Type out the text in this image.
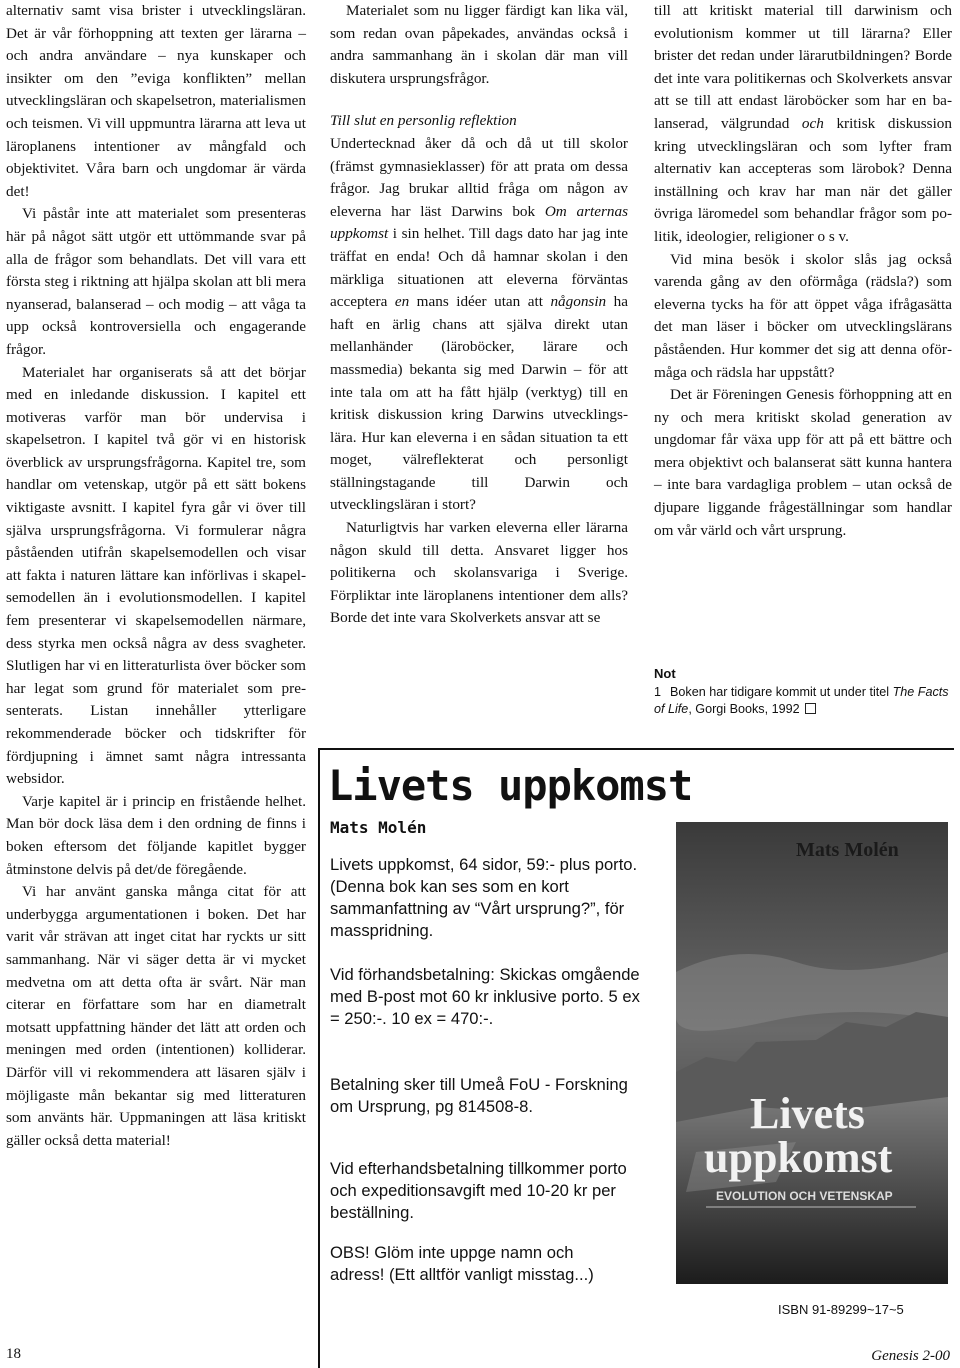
alternativ samt visa brister i utvecklingsläran. Det är vår förhoppning att texten ger lärarna – och andra användare – nya kunskaper och insikter om den ”eviga konflikten” mellan utvecklingsläran och skapelsetron, materialismen och teismen. Vi vill uppmuntra lärarna att leva ut läroplanens intentioner av mångfald och objektivitet. Våra barn och ungdomar är värda det!

Vi påstår inte att materialet som presenteras här på något sätt utgör ett uttömmande svar på alla de frågor som behandlats. Det vill vara ett första steg i riktning att hjälpa skolan att bli mera nyanserad, balanserad – och modig – att våga ta upp också kontroversiella och engagerande frågor.

Materialet har organiserats så att det börjar med en inledande diskussion. I kapitel ett motiveras varför man bör undervisa i skapelsetron. I kapitel två gör vi en historisk överblick av ursprungsfrågorna. Kapitel tre, som handlar om vetenskap, utgör på ett sätt bokens viktigaste avsnitt. I kapitel fyra går vi över till själva ursprungsfrågorna. Vi formulerar några påståenden utifrån skapelsemodellen och visar att fakta i naturen lättare kan införlivas i skapelsemodellen än i evolutionsmodellen. I kapitel fem presenterar vi skapelsemodellen närmare, dess styrka men också några av dess svagheter. Slutligen har vi en litteraturlista över böcker som har legat som grund för materialet som presenterats. Listan innehåller ytterligare rekommenderade böcker och tidskrifter för fördjupning i ämnet samt några intressanta websidor.

Varje kapitel är i princip en fristående helhet. Man bör dock läsa dem i den ordning de finns i boken eftersom det följande kapitlet bygger åtminstone delvis på det/de föregående.

Vi har använt ganska många citat för att underbygga argumentationen i boken. Det har varit vår strävan att inget citat har ryckts ur sitt sammanhang. När vi säger detta är vi mycket medvetna om att detta ofta är svårt. När man citerar en författare som har en diametralt motsatt uppfattning händer det lätt att orden och meningen med orden (intentionen) kolliderar. Därför vill vi rekommendera att läsaren själv i möjligaste mån bekantar sig med litteraturen som använts här. Uppmaningen att läsa kritiskt gäller också detta material!

Materialet som nu ligger färdigt kan lika väl, som redan ovan påpekades, användas också i andra sammanhang än i skolan där man vill diskutera ursprungsfrågor.

Till slut en personlig reflektion

Undertecknad åker då och då ut till skolor (främst gymnasieklasser) för att prata om dessa frågor. Jag brukar alltid fråga om någon av eleverna har läst Darwins bok Om arternas uppkomst i sin helhet. Till dags dato har jag inte träffat en enda! Och då hamnar skolan i den märkliga situationen att eleverna förväntas acceptera en mans idéer utan att någonsin ha haft en ärlig chans att själva direkt utan mellanhänder (läroböcker, lärare och massmedia) bekanta sig med Darwin – för att inte tala om att ha fått hjälp (verktyg) till en kritisk diskussion kring Darwins utvecklingslära. Hur kan eleverna i en sådan situation ta ett moget, välreflekterat och personligt ställningstagande till Darwin och utvecklingsläran i stort?

Naturligtvis har varken eleverna eller lärarna någon skuld till detta. Ansvaret ligger hos politikerna och skolansvariga i Sverige. Förpliktar inte läroplanens intentioner dem alls? Borde det inte vara Skolverkets ansvar att se

till att kritiskt material till darwinism och evolutionism kommer ut till lärarna? Eller brister det redan under lärarutbildningen? Borde det inte vara politikernas och Skolverkets ansvar att se till att endast läroböcker som har en balanserad, välgrundad och kritisk diskussion kring utvecklingsläran och som lyfter fram alternativ kan accepteras som lärobok? Denna inställning och krav har man när det gäller övriga läromedel som behandlar frågor som politik, ideologier, religioner o s v.

Vid mina besök i skolor slås jag också varenda gång av den oförmåga (rädsla?) som eleverna tycks ha för att öppet våga ifrågasätta det man läser i böcker om utvecklingslärans påståenden. Hur kommer det sig att denna oförmåga och rädsla har uppstått?

Det är Föreningen Genesis förhoppning att en ny och mera kritiskt skolad generation av ungdomar får växa upp för att på ett bättre och mera objektivt och balanserat sätt kunna hantera – inte bara vardagliga problem – utan också de djupare liggande frågeställningar som handlar om vår värld och vårt ursprung.

Not
1 Boken har tidigare kommit ut under titel The Facts of Life, Gorgi Books, 1992
Livets uppkomst
Mats Molén
Livets uppkomst, 64 sidor, 59:- plus porto. (Denna bok kan ses som en kort sammanfattning av “Vårt ursprung?”, för masspridning.
Vid förhandsbetalning: Skickas omgående med B-post mot 60 kr inklusive porto. 5 ex = 250:-. 10 ex = 470:-.
Betalning sker till Umeå FoU - Forskning om Ursprung, pg 814508-8.
Vid efterhandsbetalning tillkommer porto och expeditionsavgift med 10-20 kr per beställning.
OBS! Glöm inte uppge namn och adress! (Ett alltför vanligt misstag...)
Mats Molén
Livets
uppkomst
EVOLUTION OCH VETENSKAP
ISBN 91-89299~17~5
18	Genesis 2-00
